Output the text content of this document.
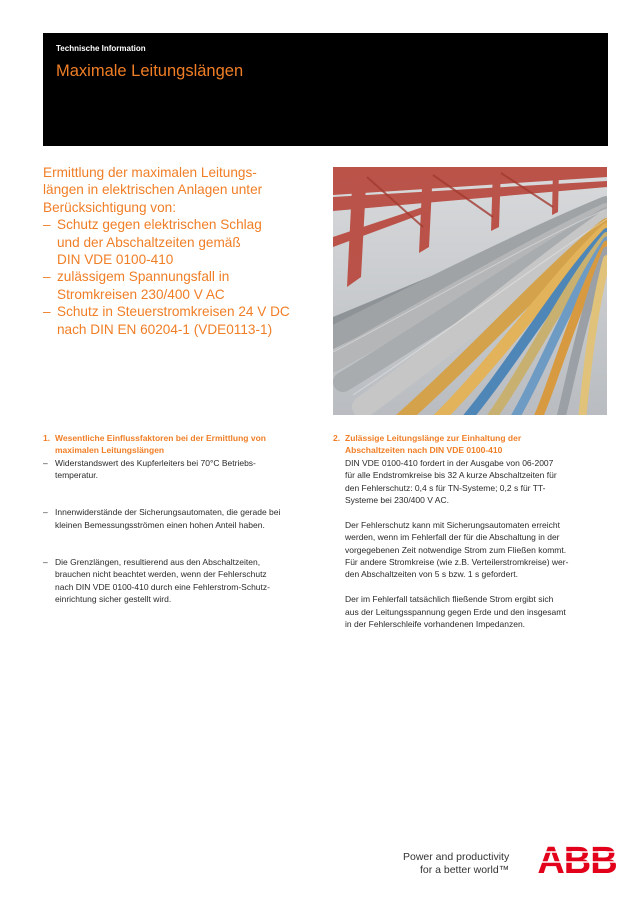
Technische Information
Maximale Leitungslängen
Ermittlung der maximalen Leitungs-
längen in elektrischen Anlagen unter
Berücksichtigung von:
– Schutz gegen elektrischen Schlag
und der Abschaltzeiten gemäß
DIN VDE 0100-410
– zulässigem Spannungsfall in
Stromkreisen 230/400 V AC
– Schutz in Steuerstromkreisen 24 V DC
nach DIN EN 60204-1 (VDE0113-1)
1. Wesentliche Einflussfaktoren bei der Ermittlung von
maximalen Leitungslängen
– Widerstandswert des Kupferleiters bei 70°C Betriebs-
temperatur.
– Innenwiderstände der Sicherungsautomaten, die gerade bei
kleinen Bemessungsströmen einen hohen Anteil haben.
– Die Grenzlängen, resultierend aus den Abschaltzeiten,
brauchen nicht beachtet werden, wenn der Fehlerschutz
nach DIN VDE 0100-410 durch eine Fehlerstrom-Schutz-
einrichtung sicher gestellt wird.
2. Zulässige Leitungslänge zur Einhaltung der
Abschaltzeiten nach DIN VDE 0100-410
DIN VDE 0100-410 fordert in der Ausgabe von 06-2007
für alle Endstromkreise bis 32 A kurze Abschaltzeiten für
den Fehlerschutz: 0,4 s für TN-Systeme; 0,2 s für TT-
Systeme bei 230/400 V AC.
Der Fehlerschutz kann mit Sicherungsautomaten erreicht
werden, wenn im Fehlerfall der für die Abschaltung in der
vorgegebenen Zeit notwendige Strom zum Fließen kommt.
Für andere Stromkreise (wie z.B. Verteilerstromkreise) wer-
den Abschaltzeiten von 5 s bzw. 1 s gefordert.
Der im Fehlerfall tatsächlich fließende Strom ergibt sich
aus der Leitungsspannung gegen Erde und den insgesamt
in der Fehlerschleife vorhandenen Impedanzen.
Power and productivity
for a better world™ ABB
